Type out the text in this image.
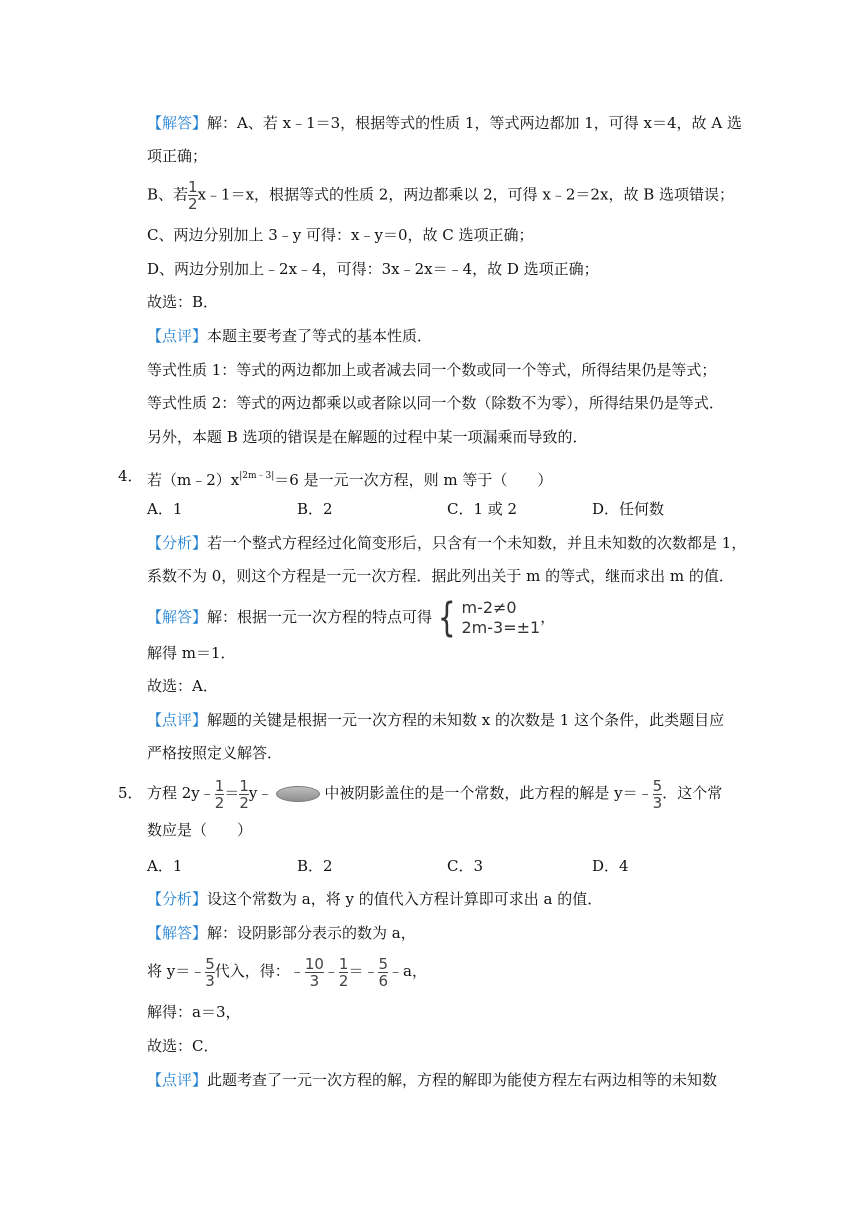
【解答】解：A、若 x﹣1＝3，根据等式的性质 1，等式两边都加 1，可得 x＝4，故 A 选
项正确；
B、若 $\frac{1}{2}$ x﹣1＝x，根据等式的性质 2，两边都乘以 2，可得 x﹣2＝2x，故 B 选项错误；
C、两边分别加上 3﹣y 可得：x﹣y＝0，故 C 选项正确；
D、两边分别加上﹣2x﹣4，可得：3x﹣2x＝﹣4，故 D 选项正确；
故选：B．
【点评】本题主要考查了等式的基本性质．
等式性质 1：等式的两边都加上或者减去同一个数或同一个等式，所得结果仍是等式；
等式性质 2：等式的两边都乘以或者除以同一个数（除数不为零），所得结果仍是等式．
另外，本题 B 选项的错误是在解题的过程中某一项漏乘而导致的．
4． 若$(m﹣2)x^{|2m﹣3|}=6$ 是一元一次方程，则 m 等于（　　）
A．1	B．2	C．1 或 2	D．任何数
【分析】若一个整式方程经过化简变形后，只含有一个未知数，并且未知数的次数都是 1，
系数不为 0，则这个方程是一元一次方程．据此列出关于 m 的等式，继而求出 m 的值．
【解答】解：根据一元一次方程的特点可得 { m-2≠0
2m-3=±1
，
解得 m＝1．
故选：A．
【点评】解题的关键是根据一元一次方程的未知数 x 的次数是 1 这个条件，此类题目应
严格按照定义解答．
5． 方程 2y﹣ $\frac{1}{2} = \frac{1}{2}$ y﹣	中被阴影盖住的是一个常数，此方程的解是 y＝﹣ $\frac{5}{3}$ ．这个常
数应是（　　）
A．1	B．2	C．3	D．4
【分析】设这个常数为 a，将 y 的值代入方程计算即可求出 a 的值．
【解答】解：设阴影部分表示的数为 a，
将 y＝﹣ $\frac{5}{3}$ 代入，得：﹣ $\frac{10}{3}$ ﹣ $\frac{1}{2}$ ＝﹣ $\frac{5}{6}$ ﹣a，
解得：a＝3，
故选：C．
【点评】此题考查了一元一次方程的解，方程的解即为能使方程左右两边相等的未知数
